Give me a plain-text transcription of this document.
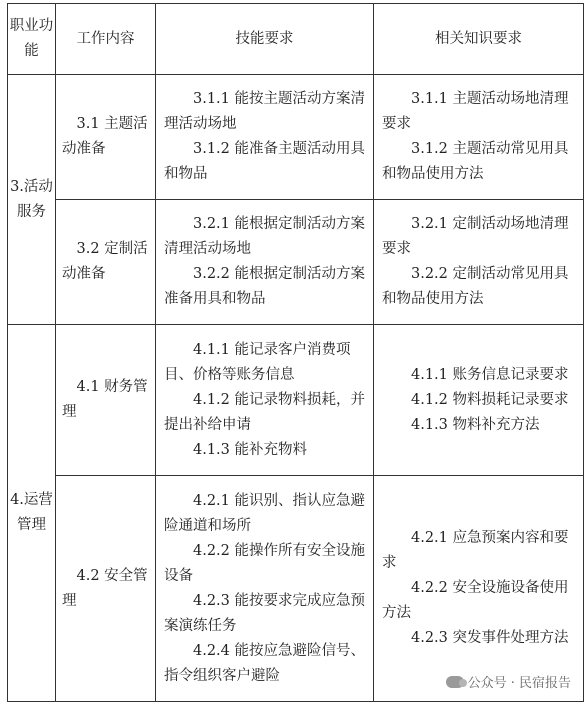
职业功能	工作内容	技能要求	相关知识要求
3.活动服务	3.1 主题活动准备	3.1.1 能按主题活动方案清理活动场地
3.1.2 能准备主题活动用具和物品	3.1.1 主题活动场地清理要求
3.1.2 主题活动常见用具和物品使用方法

	3.2 定制活动准备	3.2.1 能根据定制活动方案清理活动场地
3.2.2 能根据定制活动方案准备用具和物品	3.2.1 定制活动场地清理要求
3.2.2 定制活动常见用具和物品使用方法

4.运营管理	4.1 财务管理	4.1.1 能记录客户消费项目、价格等账务信息
4.1.2 能记录物料损耗，并提出补给申请
4.1.3 能补充物料	4.1.1 账务信息记录要求
4.1.2 物料损耗记录要求
4.1.3 物料补充方法

	4.2 安全管理	4.2.1 能识别、指认应急避险通道和场所
4.2.2 能操作所有安全设施设备
4.2.3 能按要求完成应急预案演练任务
4.2.4 能按应急避险信号、指令组织客户避险	4.2.1 应急预案内容和要求
4.2.2 安全设施设备使用方法
4.2.3 突发事件处理方法
公众号 · 民宿报告
